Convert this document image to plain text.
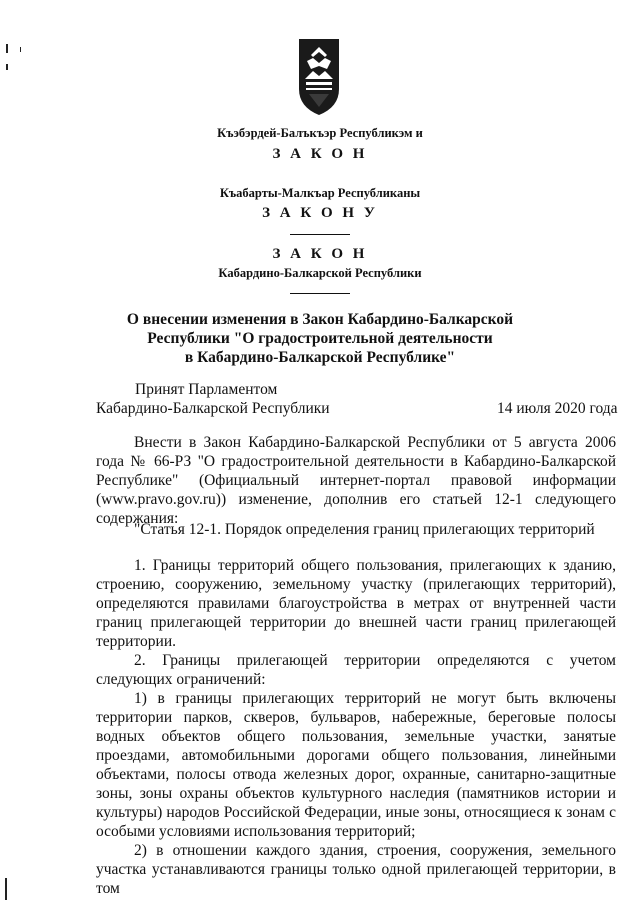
Къэбэрдей-Балъкъэр Республикэм и
З А К О Н
Къабарты-Малкъар Республиканы
З А К О Н У
З А К О Н
Кабардино-Балкарской Республики
О внесении изменения в Закон Кабардино-Балкарской
Республики "О градостроительной деятельности
в Кабардино-Балкарской Республике"
Принят Парламентом
Кабардино-Балкарской Республики	14 июля 2020 года

Внести в Закон Кабардино-Балкарской Республики от 5 августа 2006 года № 66-РЗ "О градостроительной деятельности в Кабардино-Балкарской Республике" (Официальный интернет-портал правовой информации (www.pravo.gov.ru)) изменение, дополнив его статьей 12-1 следующего содержания:

"Статья 12-1. Порядок определения границ прилегающих территорий

1. Границы территорий общего пользования, прилегающих к зданию, строению, сооружению, земельному участку (прилегающих территорий), определяются правилами благоустройства в метрах от внутренней части границ прилегающей территории до внешней части границ прилегающей территории.

2. Границы прилегающей территории определяются с учетом следующих ограничений:

1) в границы прилегающих территорий не могут быть включены территории парков, скверов, бульваров, набережные, береговые полосы водных объектов общего пользования, земельные участки, занятые проездами, автомобильными дорогами общего пользования, линейными объектами, полосы отвода железных дорог, охранные, санитарно-защитные зоны, зоны охраны объектов культурного наследия (памятников истории и культуры) народов Российской Федерации, иные зоны, относящиеся к зонам с особыми условиями использования территорий;

2) в отношении каждого здания, строения, сооружения, земельного участка устанавливаются границы только одной прилегающей территории, в том
